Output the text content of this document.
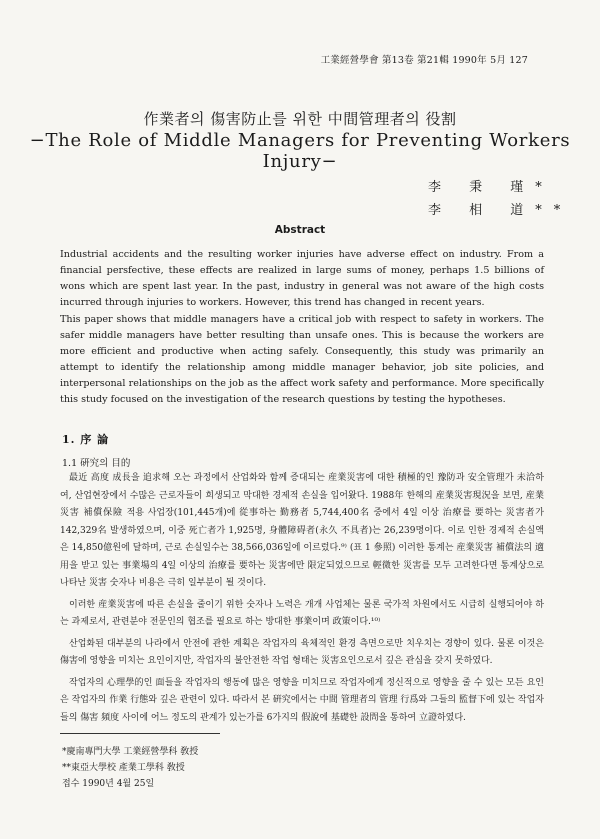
工業經營學會 第13卷 第21輯 1990年 5月 127
作業者의 傷害防止를 위한 中間管理者의 役割
−The Role of Middle Managers for Preventing Workers Injury−
李 秉 瑾*
李 相 道**
Abstract

Industrial accidents and the resulting worker injuries have adverse effect on industry. From a financial persfective, these effects are realized in large sums of money, perhaps 1.5 billions of wons which are spent last year. In the past, industry in general was not aware of the high costs incurred through injuries to workers. However, this trend has changed in recent years.

This paper shows that middle managers have a critical job with respect to safety in workers. The safer middle managers have better resulting than unsafe ones. This is because the workers are more efficient and productive when acting safely. Consequently, this study was primarily an attempt to identify the relationship among middle manager behavior, job site policies, and interpersonal relationships on the job as the affect work safety and performance. More specifically this study focused on the investigation of the research questions by testing the hypotheses.

1. 序 論
1.1 硏究의 目的

最近 高度 成長을 追求해 오는 과정에서 산업화와 함께 증대되는 産業災害에 대한 積極的인 豫防과 安全管理가 未洽하여, 산업현장에서 수많은 근로자들이 희생되고 막대한 경제적 손실을 입어왔다. 1988年 한해의 産業災害現況을 보면, 産業災害 補償保險 적용 사업장(101,445개)에 從事하는 勤務者 5,744,400名 중에서 4일 이상 治療를 要하는 災害者가 142,329名 발생하였으며, 이중 死亡者가 1,925명, 身體障碍者(永久 不具者)는 26,239명이다. 이로 인한 경제적 손실액은 14,850億원에 달하며, 근로 손실일수는 38,566,036일에 이르렀다.⁹⁾ (표 1 參照) 이러한 통계는 産業災害 補償法의 適用을 받고 있는 事業場의 4일 이상의 治療를 要하는 災害에만 限定되었으므로 輕微한 災害를 모두 고려한다면 통계상으로 나타난 災害 숫자나 비용은 극히 일부분이 될 것이다.

이러한 産業災害에 따른 손실을 줄이기 위한 숫자나 노력은 개개 사업체는 물론 국가적 차원에서도 시급히 실행되어야 하는 과제로서, 관련분야 전문인의 협조를 필요로 하는 방대한 事業이며 政策이다.¹⁰⁾

산업화된 대부분의 나라에서 안전에 관한 계획은 작업자의 육체적인 환경 측면으로만 치우치는 경향이 있다. 물론 이것은 傷害에 영향을 미치는 요인이지만, 작업자의 불안전한 작업 형태는 災害요인으로서 깊은 관심을 갖지 못하였다.

작업자의 心理學的인 面들을 작업자의 행동에 많은 영향을 미치므로 작업자에게 정신적으로 영향을 줄 수 있는 모든 요인은 작업자의 作業 行態와 깊은 관련이 있다. 따라서 본 硏究에서는 中間 管理者의 管理 行爲와 그들의 監督下에 있는 작업자들의 傷害 頻度 사이에 어느 정도의 관계가 있는가를 6가지의 假說에 基礎한 設問을 통하여 立證하였다.

*慶南專門大學 工業經營學科 敎授
**東亞大學校 產業工學科 敎授
접수 1990년 4월 25일
